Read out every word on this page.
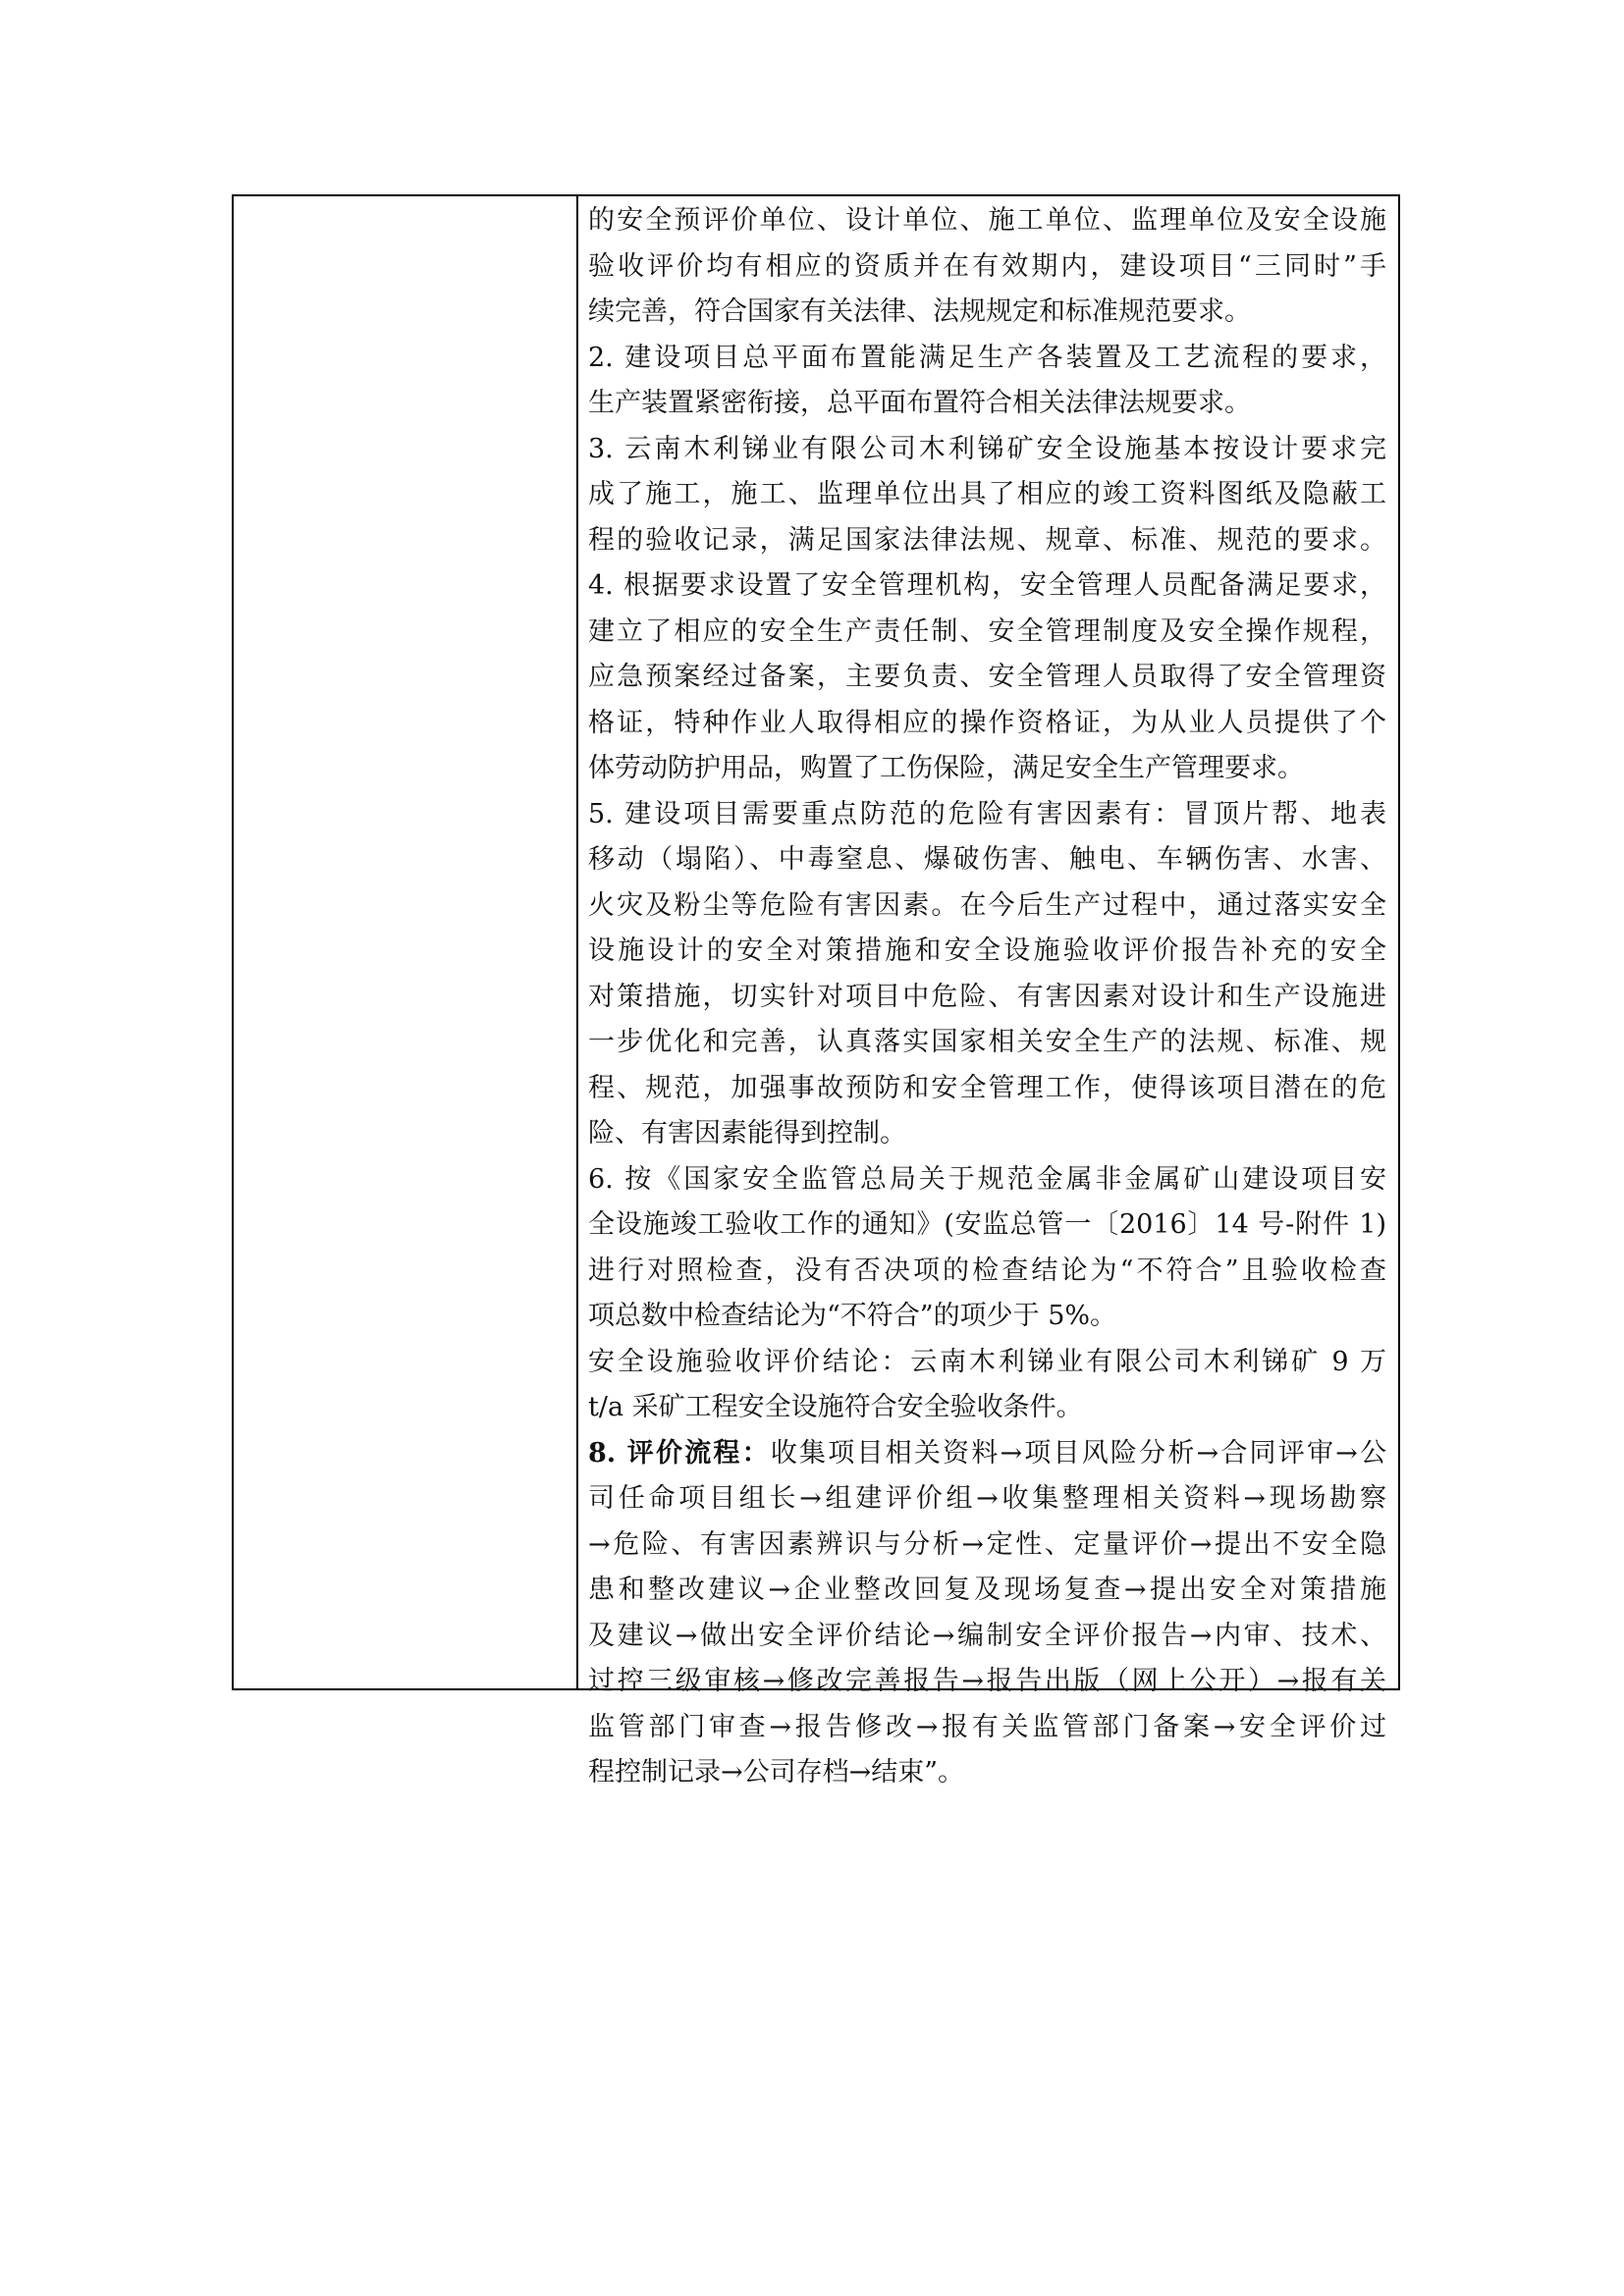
的安全预评价单位、设计单位、施工单位、监理单位及安全设施
验收评价均有相应的资质并在有效期内，建设项目“三同时”手
续完善，符合国家有关法律、法规规定和标准规范要求。
2. 建设项目总平面布置能满足生产各装置及工艺流程的要求，
生产装置紧密衔接，总平面布置符合相关法律法规要求。
3. 云南木利锑业有限公司木利锑矿安全设施基本按设计要求完
成了施工，施工、监理单位出具了相应的竣工资料图纸及隐蔽工
程的验收记录，满足国家法律法规、规章、标准、规范的要求。
4. 根据要求设置了安全管理机构，安全管理人员配备满足要求，
建立了相应的安全生产责任制、安全管理制度及安全操作规程，
应急预案经过备案，主要负责、安全管理人员取得了安全管理资
格证，特种作业人取得相应的操作资格证，为从业人员提供了个
体劳动防护用品，购置了工伤保险，满足安全生产管理要求。
5. 建设项目需要重点防范的危险有害因素有：冒顶片帮、地表
移动（塌陷）、中毒窒息、爆破伤害、触电、车辆伤害、水害、
火灾及粉尘等危险有害因素。在今后生产过程中，通过落实安全
设施设计的安全对策措施和安全设施验收评价报告补充的安全
对策措施，切实针对项目中危险、有害因素对设计和生产设施进
一步优化和完善，认真落实国家相关安全生产的法规、标准、规
程、规范，加强事故预防和安全管理工作，使得该项目潜在的危
险、有害因素能得到控制。
6. 按《国家安全监管总局关于规范金属非金属矿山建设项目安
全设施竣工验收工作的通知》(安监总管一〔2016〕14 号-附件 1)
进行对照检查，没有否决项的检查结论为“不符合”且验收检查
项总数中检查结论为“不符合”的项少于 5%。
安全设施验收评价结论：云南木利锑业有限公司木利锑矿 9 万
t/a 采矿工程安全设施符合安全验收条件。
8. 评价流程：收集项目相关资料→项目风险分析→合同评审→公
司任命项目组长→组建评价组→收集整理相关资料→现场勘察
→危险、有害因素辨识与分析→定性、定量评价→提出不安全隐
患和整改建议→企业整改回复及现场复查→提出安全对策措施
及建议→做出安全评价结论→编制安全评价报告→内审、技术、
过控三级审核→修改完善报告→报告出版（网上公开）→报有关
监管部门审查→报告修改→报有关监管部门备案→安全评价过
程控制记录→公司存档→结束”。
